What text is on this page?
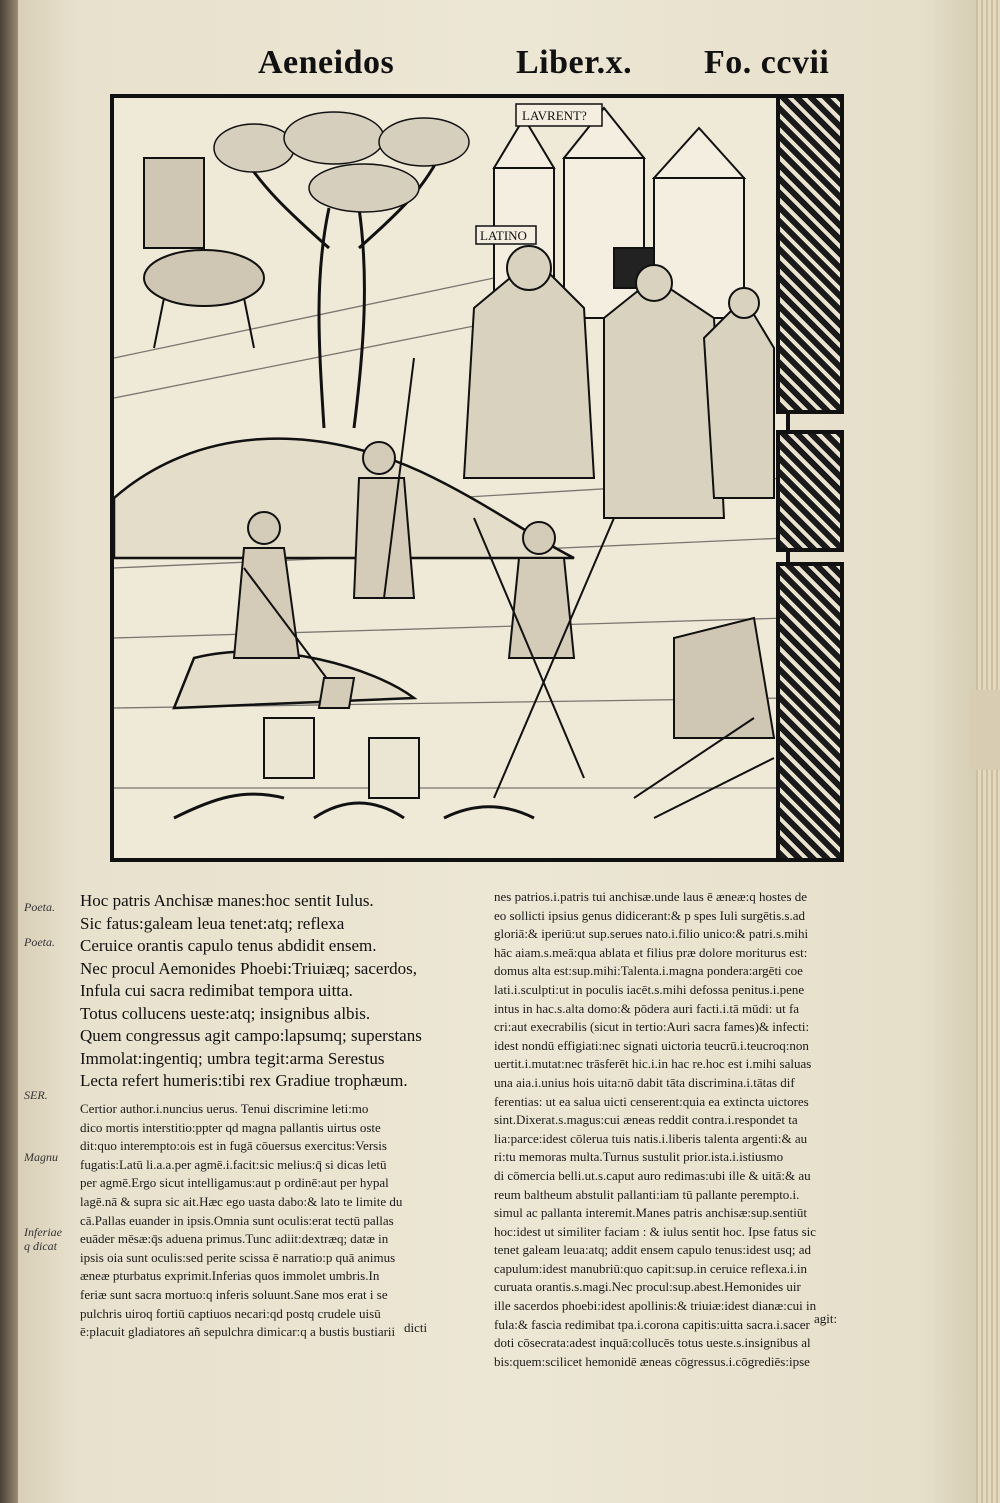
Aeneidos	Liber.x. Fo. ccvii
LAVRENT?
LATINO
Poeta.
Poeta.
SER.
Magnu
Inferiae q dicat
Hoc patris Anchisæ manes:hoc sentit Iulus.
Sic fatus:galeam leua tenet:atq; reflexa
Ceruice orantis capulo tenus abdidit ensem.
Nec procul Aemonides Phoebi:Triuiæq; sacerdos,
Infula cui sacra redimibat tempora uitta.
Totus collucens ueste:atq; insignibus albis.
Quem congressus agit campo:lapsumq; superstans
Immolat:ingentiq; umbra tegit:arma Serestus
Lecta refert humeris:tibi rex Gradiue trophæum.
Certior author.i.nuncius uerus. Tenui discrimine leti:mo
dico mortis interstitio:ppter qd magna pallantis uirtus oste
dit:quo interempto:ois est in fugā cōuersus exercitus:Versis
fugatis:Latū li.a.a.per agmē.i.facit:sic melius:q̄ si dicas letū
per agmē.Ergo sicut intelligamus:aut p ordinē:aut per hypal
lagē.nā & supra sic ait.Hæc ego uasta dabo:& lato te limite du
cā.Pallas euander in ipsis.Omnia sunt oculis:erat tectū pallas
euāder mēsæ:q̄s aduena primus.Tunc adiit:dextræq; datæ in
ipsis oia sunt oculis:sed perite scissa ē narratio:p quā animus
æneæ pturbatus exprimit.Inferias quos immolet umbris.In
feriæ sunt sacra mortuo:q inferis soluunt.Sane mos erat i se
pulchris uiroq fortiū captiuos necari:qd postq crudele uisū
ē:placuit gladiatores añ sepulchra dimicar:q a bustis bustiarii dicti
nes patrios.i.patris tui anchisæ.unde laus ē æneæ:q hostes de
eo sollicti ipsius genus didicerant:& p spes Iuli surgētis.s.ad
gloriā:& iperiū:ut sup.serues nato.i.filio unico:& patri.s.mihi
hāc aiam.s.meā:qua ablata et filius præ dolore moriturus est:
domus alta est:sup.mihi:Talenta.i.magna pondera:argēti coe
lati.i.sculpti:ut in poculis iacēt.s.mihi defossa penitus.i.pene
intus in hac.s.alta domo:& pōdera auri facti.i.tā mūdi: ut fa
cri:aut execrabilis (sicut in tertio:Auri sacra fames)& infecti:
idest nondū effigiati:nec signati uictoria teucrū.i.teucroq:non
uertit.i.mutat:nec trāsferēt hic.i.in hac re.hoc est i.mihi saluas
una aia.i.unius hois uita:nō dabit tāta discrimina.i.tātas dif
ferentias: ut ea salua uicti censerent:quia ea extincta uictores
sint.Dixerat.s.magus:cui æneas reddit contra.i.respondet ta
lia:parce:idest cōlerua tuis natis.i.liberis talenta argenti:& au
ri:tu memoras multa.Turnus sustulit prior.ista.i.istiusmo
di cōmercia belli.ut.s.caput auro redimas:ubi ille & uitā:& au
reum baltheum abstulit pallanti:iam tū pallante perempto.i.
simul ac pallanta interemit.Manes patris anchisæ:sup.sentiūt
hoc:idest ut similiter faciam : & iulus sentit hoc. Ipse fatus sic
tenet galeam leua:atq; addit ensem capulo tenus:idest usq; ad
capulum:idest manubriū:quo capit:sup.in ceruice reflexa.i.in
curuata orantis.s.magi.Nec procul:sup.abest.Hemonides uir
ille sacerdos phoebi:idest apollinis:& triuiæ:idest dianæ:cui in
fula:& fascia redimibat tpa.i.corona capitis:uitta sacra.i.sacer
doti cōsecrata:adest inquā:collucēs totus ueste.s.insignibus al
bis:quem:scilicet hemonidē æneas cōgressus.i.cōgrediēs:ipse
agit:
